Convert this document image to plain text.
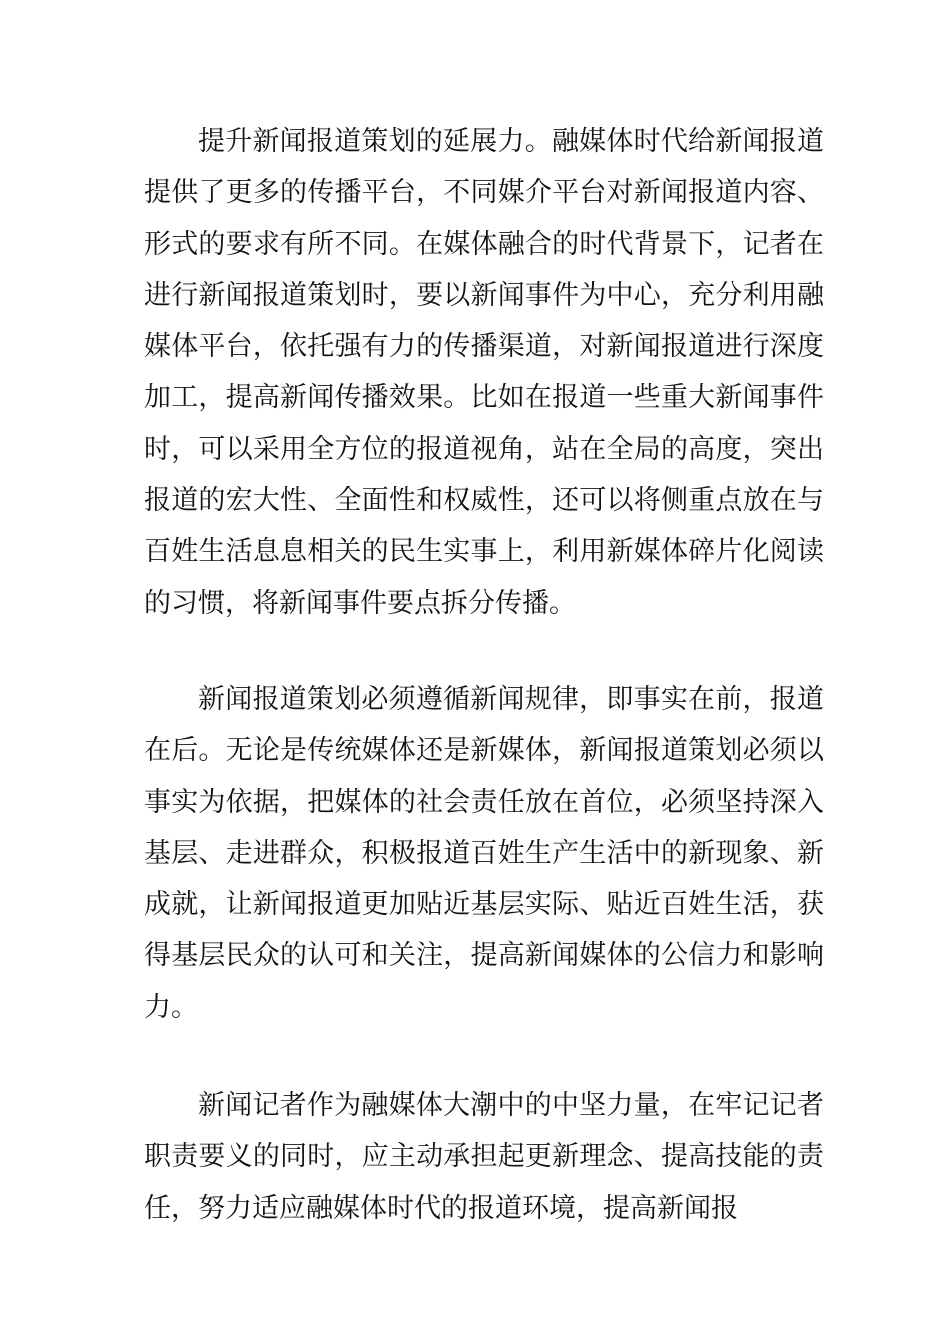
提升新闻报道策划的延展力。融媒体时代给新闻报道提供了更多的传播平台，不同媒介平台对新闻报道内容、形式的要求有所不同。在媒体融合的时代背景下，记者在进行新闻报道策划时，要以新闻事件为中心，充分利用融媒体平台，依托强有力的传播渠道，对新闻报道进行深度加工，提高新闻传播效果。比如在报道一些重大新闻事件时，可以采用全方位的报道视角，站在全局的高度，突出报道的宏大性、全面性和权威性，还可以将侧重点放在与百姓生活息息相关的民生实事上，利用新媒体碎片化阅读的习惯，将新闻事件要点拆分传播。

新闻报道策划必须遵循新闻规律，即事实在前，报道在后。无论是传统媒体还是新媒体，新闻报道策划必须以事实为依据，把媒体的社会责任放在首位，必须坚持深入基层、走进群众，积极报道百姓生产生活中的新现象、新成就，让新闻报道更加贴近基层实际、贴近百姓生活，获得基层民众的认可和关注，提高新闻媒体的公信力和影响力。

新闻记者作为融媒体大潮中的中坚力量，在牢记记者职责要义的同时，应主动承担起更新理念、提高技能的责任，努力适应融媒体时代的报道环境，提高新闻报
